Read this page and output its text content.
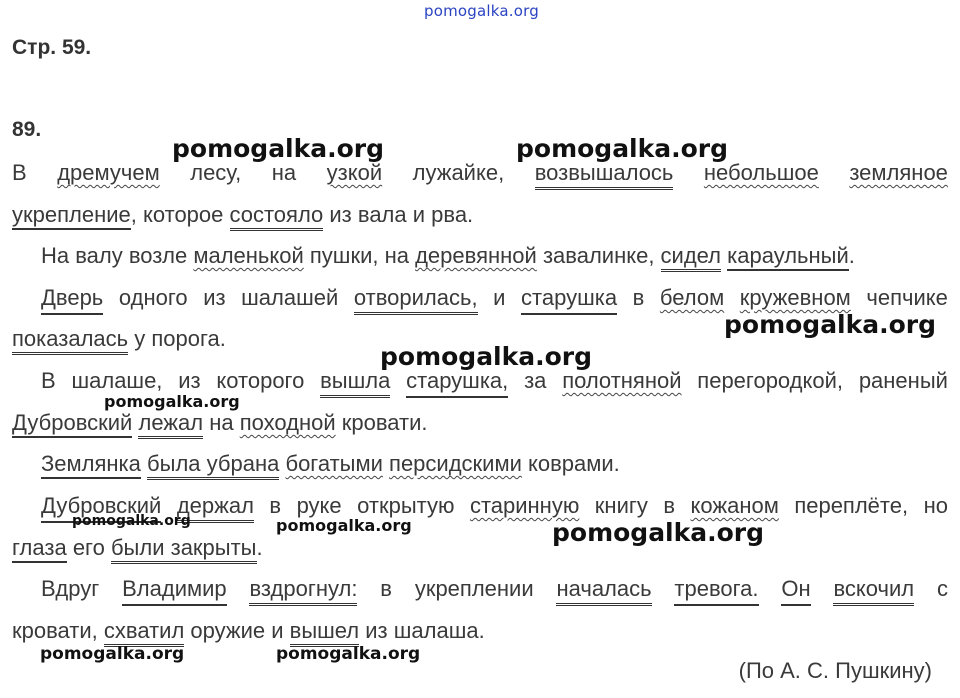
pomogalka.org
Стр. 59.
89.
В дремучем лесу, на узкой лужайке, возвышалось небольшое земляное
укрепление, которое состояло из вала и рва.
На валу возле маленькой пушки, на деревянной завалинке, сидел караульный.
Дверь одного из шалашей отворилась, и старушка в белом кружевном чепчике
показалась у порога.
В шалаше, из которого вышла старушка, за полотняной перегородкой, раненый
Дубровский лежал на походной кровати.
Землянка была убрана богатыми персидскими коврами.
Дубровский держал в руке открытую старинную книгу в кожаном переплёте, но
глаза его были закрыты.
Вдруг Владимир вздрогнул: в укреплении началась тревога. Он вскочил с
кровати, схватил оружие и вышел из шалаша.
(По А. С. Пушкину)
pomogalka.org	pomogalka.org
pomogalka.org
pomogalka.org
pomogalka.org
pomogalka.org	pomogalka.org	pomogalka.org
pomogalka.org	pomogalka.org
